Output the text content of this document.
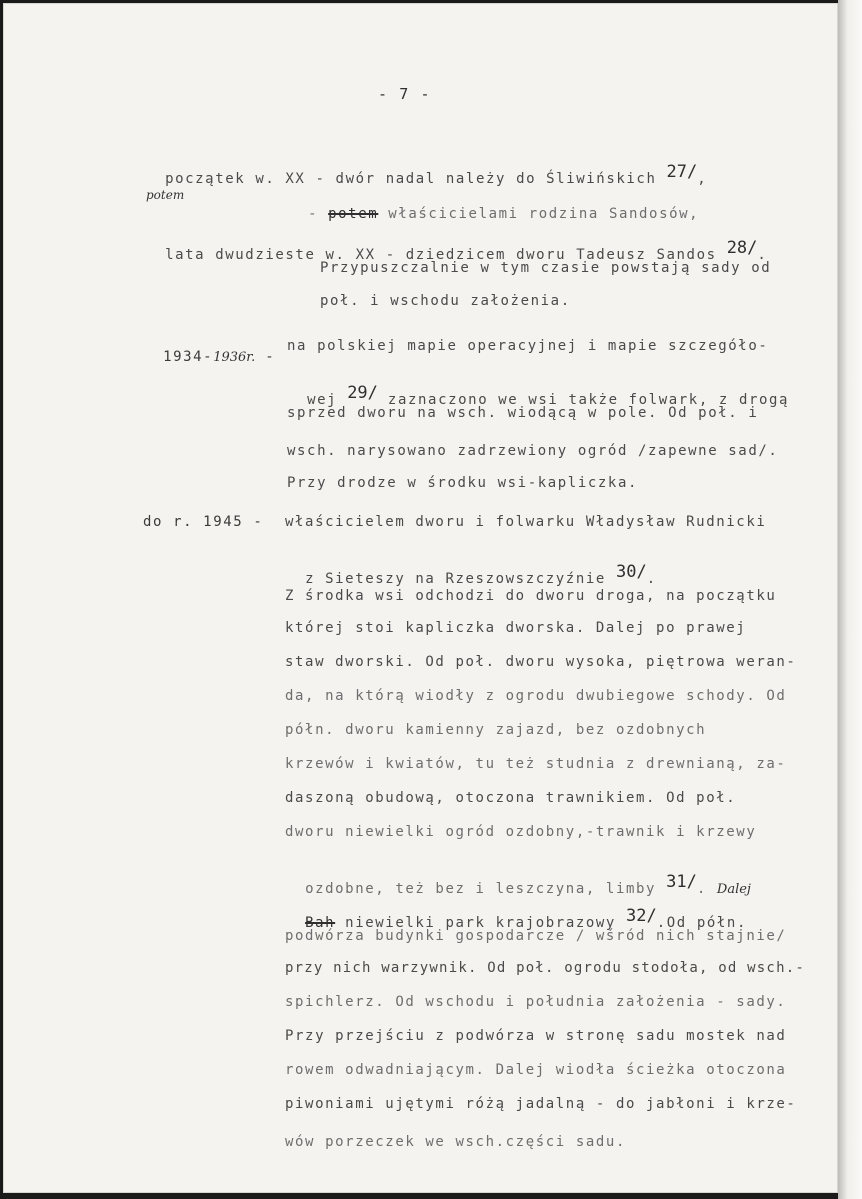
- 7 -

początek w. XX - dwór nadal należy do Śliwińskich 27/,

potem

- potem właścicielami rodzina Sandosów,

lata dwudzieste w. XX - dziedzicem dworu Tadeusz Sandos 28/.

Przypuszczalnie w tym czasie powstają sady od
poł. i wschodu założenia.

1934-1936r. -

na polskiej mapie operacyjnej i mapie szczegóło-

wej 29/ zaznaczono we wsi także folwark, z drogą

sprzed dworu na wsch. wiodącą w pole. Od poł. i
wsch. narysowano zadrzewiony ogród /zapewne sad/.
Przy drodze w środku wsi-kapliczka.
do r. 1945 - właścicielem dworu i folwarku Władysław Rudnicki

z Sieteszy na Rzeszowszczyźnie 30/.

Z środka wsi odchodzi do dworu droga, na początku
której stoi kapliczka dworska. Dalej po prawej
staw dworski. Od poł. dworu wysoka, piętrowa weran-
da, na którą wiodły z ogrodu dwubiegowe schody. Od
półn. dworu kamienny zajazd, bez ozdobnych
krzewów i kwiatów, tu też studnia z drewnianą, za-
daszoną obudową, otoczona trawnikiem. Od poł.
dworu niewielki ogród ozdobny,-trawnik i krzewy

ozdobne, też bez i leszczyna, limby 31/. Dalej

Bah niewielki park krajobrazowy 32/.Od półn.

podwórza budynki gospodarcze / wśród nich stajnie/
przy nich warzywnik. Od poł. ogrodu stodoła, od wsch.-
spichlerz. Od wschodu i południa założenia - sady.
Przy przejściu z podwórza w stronę sadu mostek nad
rowem odwadniającym. Dalej wiodła ścieżka otoczona
piwoniami ujętymi różą jadalną - do jabłoni i krze-
wów porzeczek we wsch.części sadu.
